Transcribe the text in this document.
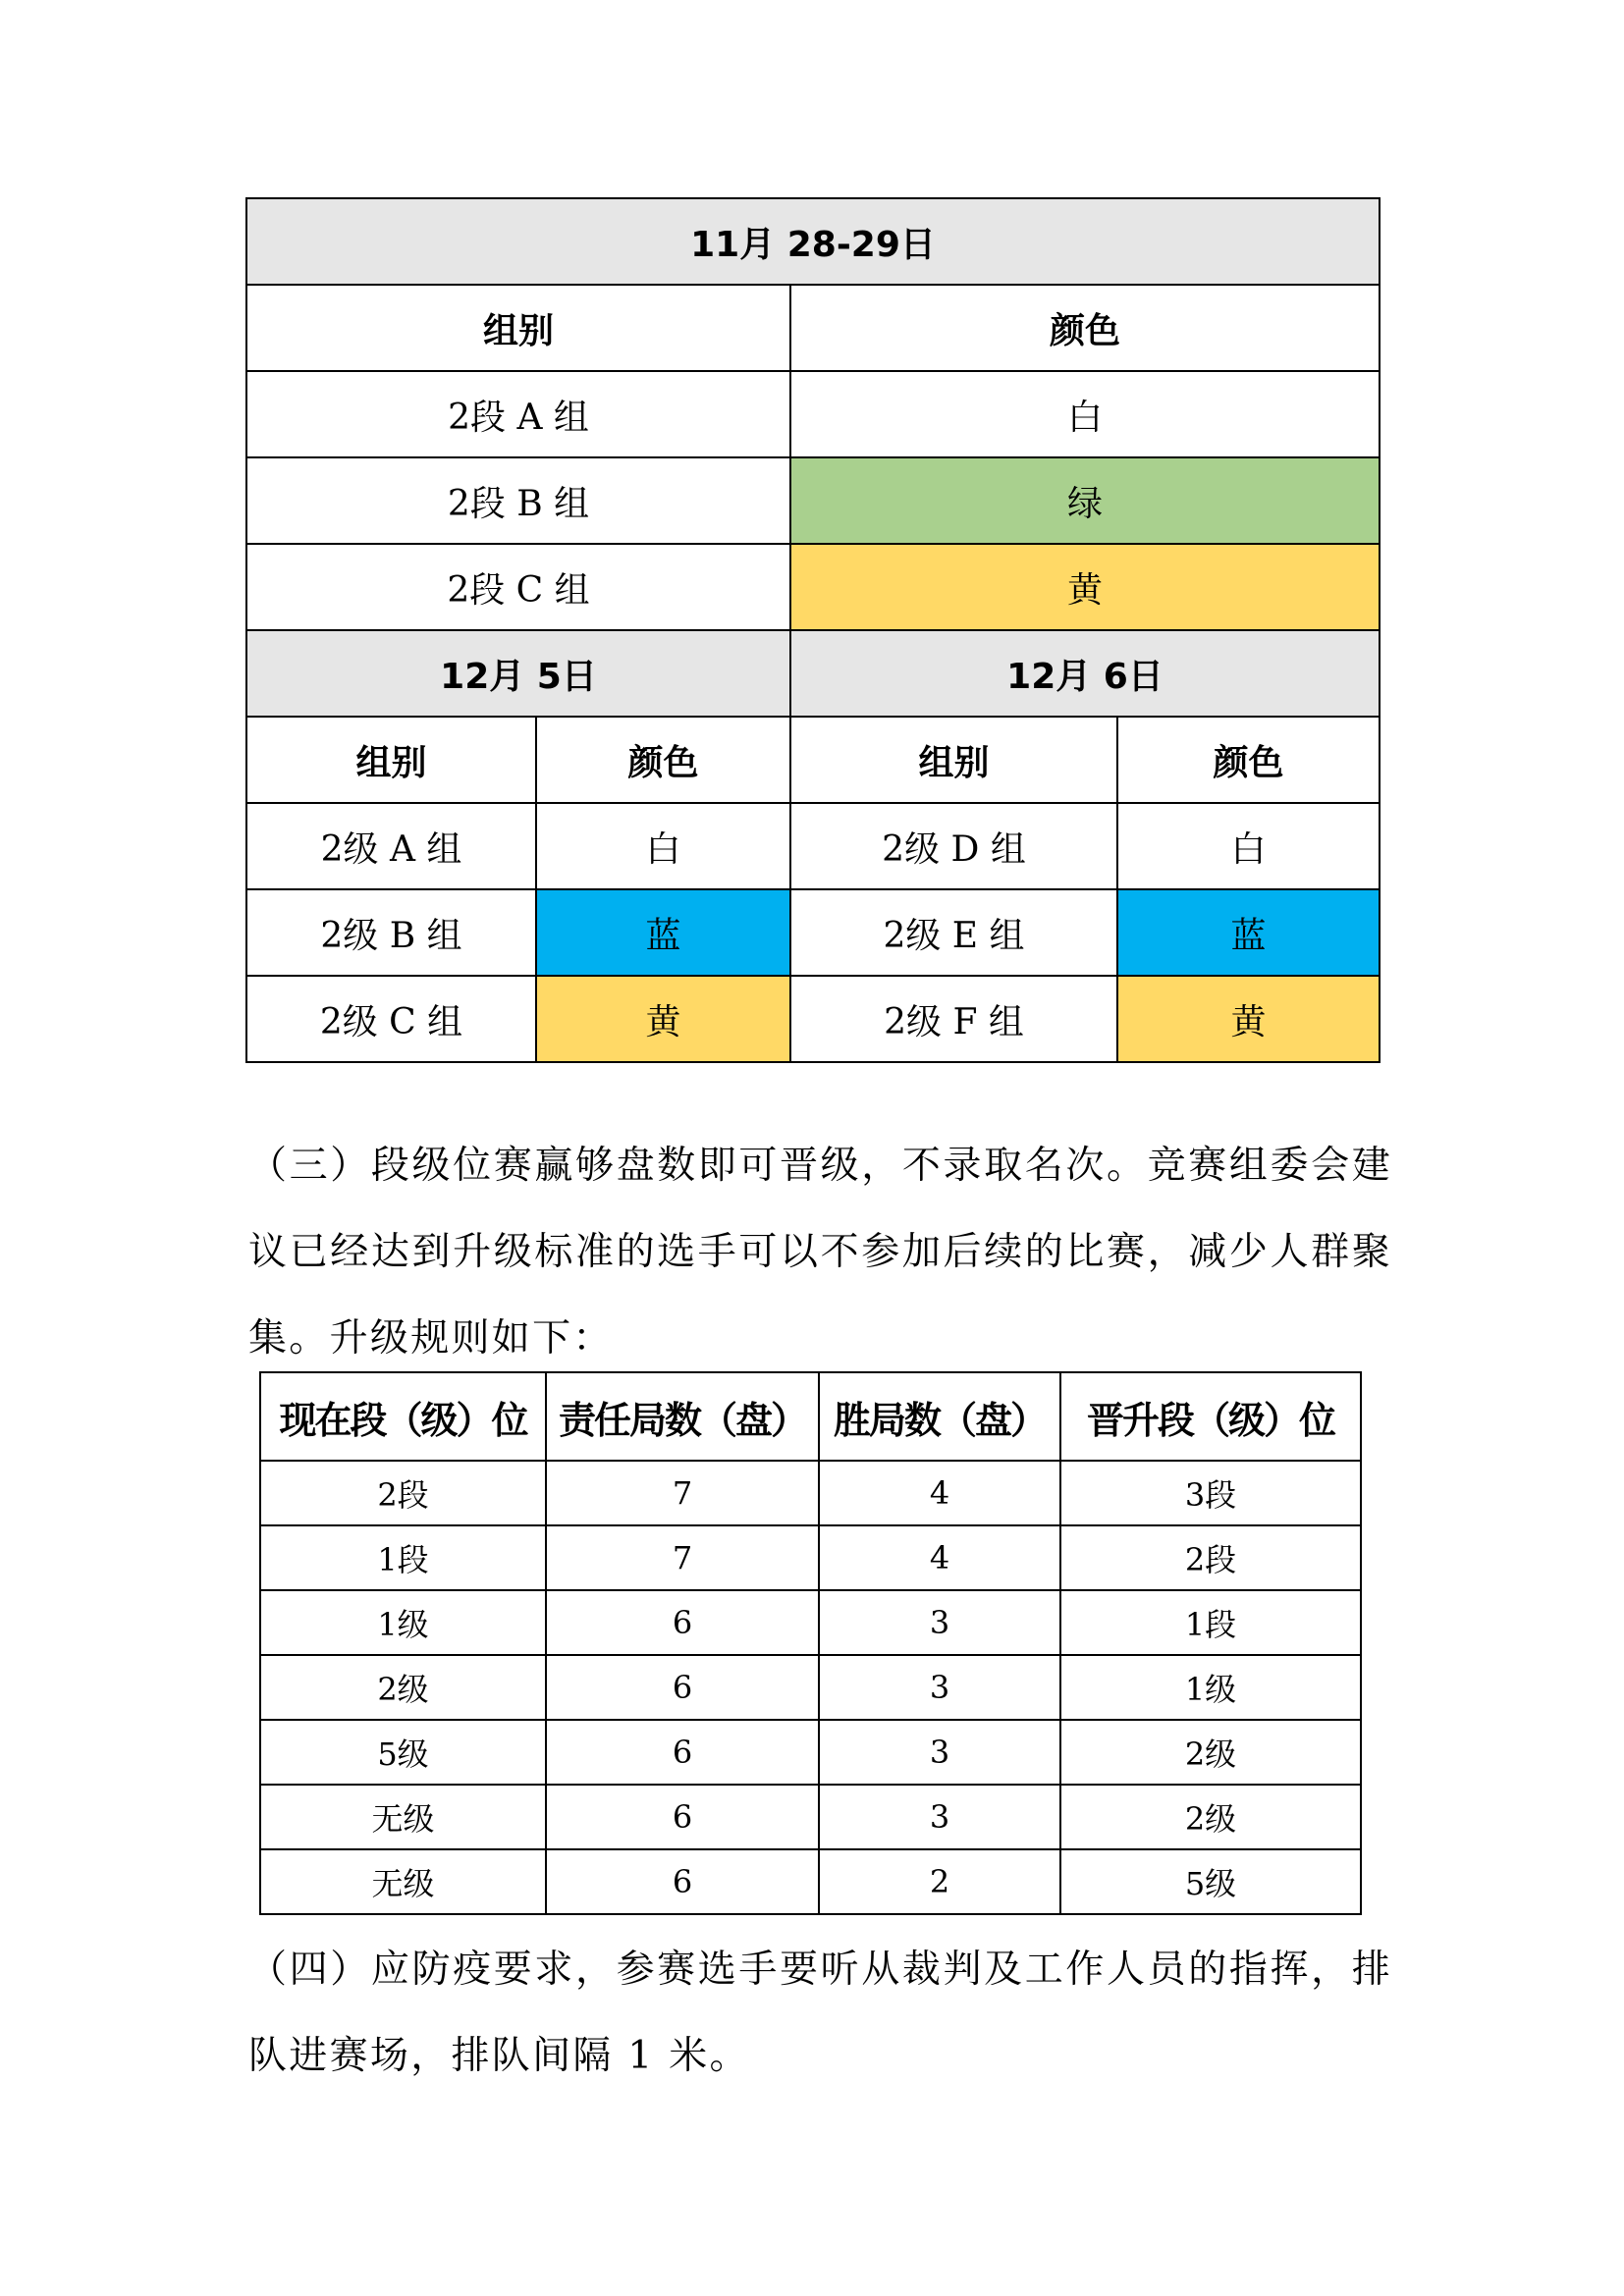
11月 28-29日			
组别		颜色	
2段 A 组		白	
2段 B 组		绿	
2段 C 组		黄	
12月 5日		12月 6日	
组别	颜色	组别	颜色
2级 A 组	白	2级 D 组	白
2级 B 组	蓝	2级 E 组	蓝
2级 C 组	黄	2级 F 组	黄

（三）段级位赛赢够盘数即可晋级，不录取名次。竞赛组委会建议已经达到升级标准的选手可以不参加后续的比赛，减少人群聚集。升级规则如下：

现在段（级）位	责任局数（盘）	胜局数（盘）	晋升段（级）位
2段	7	4	3段
1段	7	4	2段
1级	6	3	1段
2级	6	3	1级
5级	6	3	2级
无级	6	3	2级
无级	6	2	5级

（四）应防疫要求，参赛选手要听从裁判及工作人员的指挥，排队进赛场，排队间隔 1 米。
